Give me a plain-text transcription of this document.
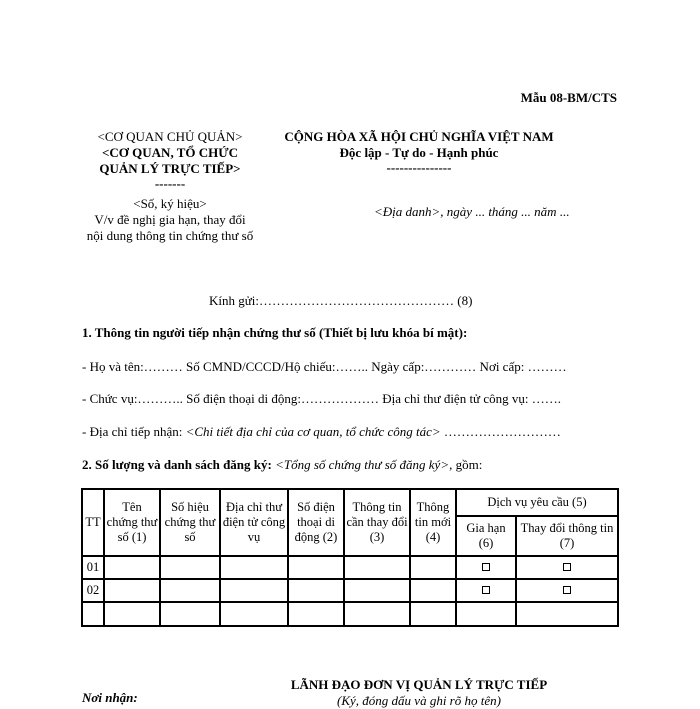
Mẫu 08-BM/CTS
<CƠ QUAN CHỦ QUẢN>
<CƠ QUAN, TỔ CHỨC
QUẢN LÝ TRỰC TIẾP>
-------
<Số, ký hiệu>
V/v đề nghị gia hạn, thay đổi
nội dung thông tin chứng thư số
CỘNG HÒA XÃ HỘI CHỦ NGHĨA VIỆT NAM
Độc lập - Tự do - Hạnh phúc
---------------
<Địa danh>, ngày ... tháng ... năm ...
Kính gửi:……………………………………… (8)
1. Thông tin người tiếp nhận chứng thư số (Thiết bị lưu khóa bí mật):
- Họ và tên:……… Số CMND/CCCD/Hộ chiếu:…….. Ngày cấp:………… Nơi cấp: ………
- Chức vụ:……….. Số điện thoại di động:……………… Địa chỉ thư điện tử công vụ: …….
- Địa chỉ tiếp nhận: <Chi tiết địa chỉ của cơ quan, tổ chức công tác> ………………………
2. Số lượng và danh sách đăng ký: <Tổng số chứng thư số đăng ký>, gồm:
TT	Tên chứng thư số (1)	Số hiệu chứng thư số	Địa chỉ thư điện tử công vụ	Số điện thoại di động (2)	Thông tin cần thay đổi (3)	Thông tin mới (4)	Dịch vụ yêu cầu (5)	
							Gia hạn (6)	Thay đổi thông tin (7)
01								
02								

LÃNH ĐẠO ĐƠN VỊ QUẢN LÝ TRỰC TIẾP
(Ký, đóng dấu và ghi rõ họ tên)
Nơi nhận:
